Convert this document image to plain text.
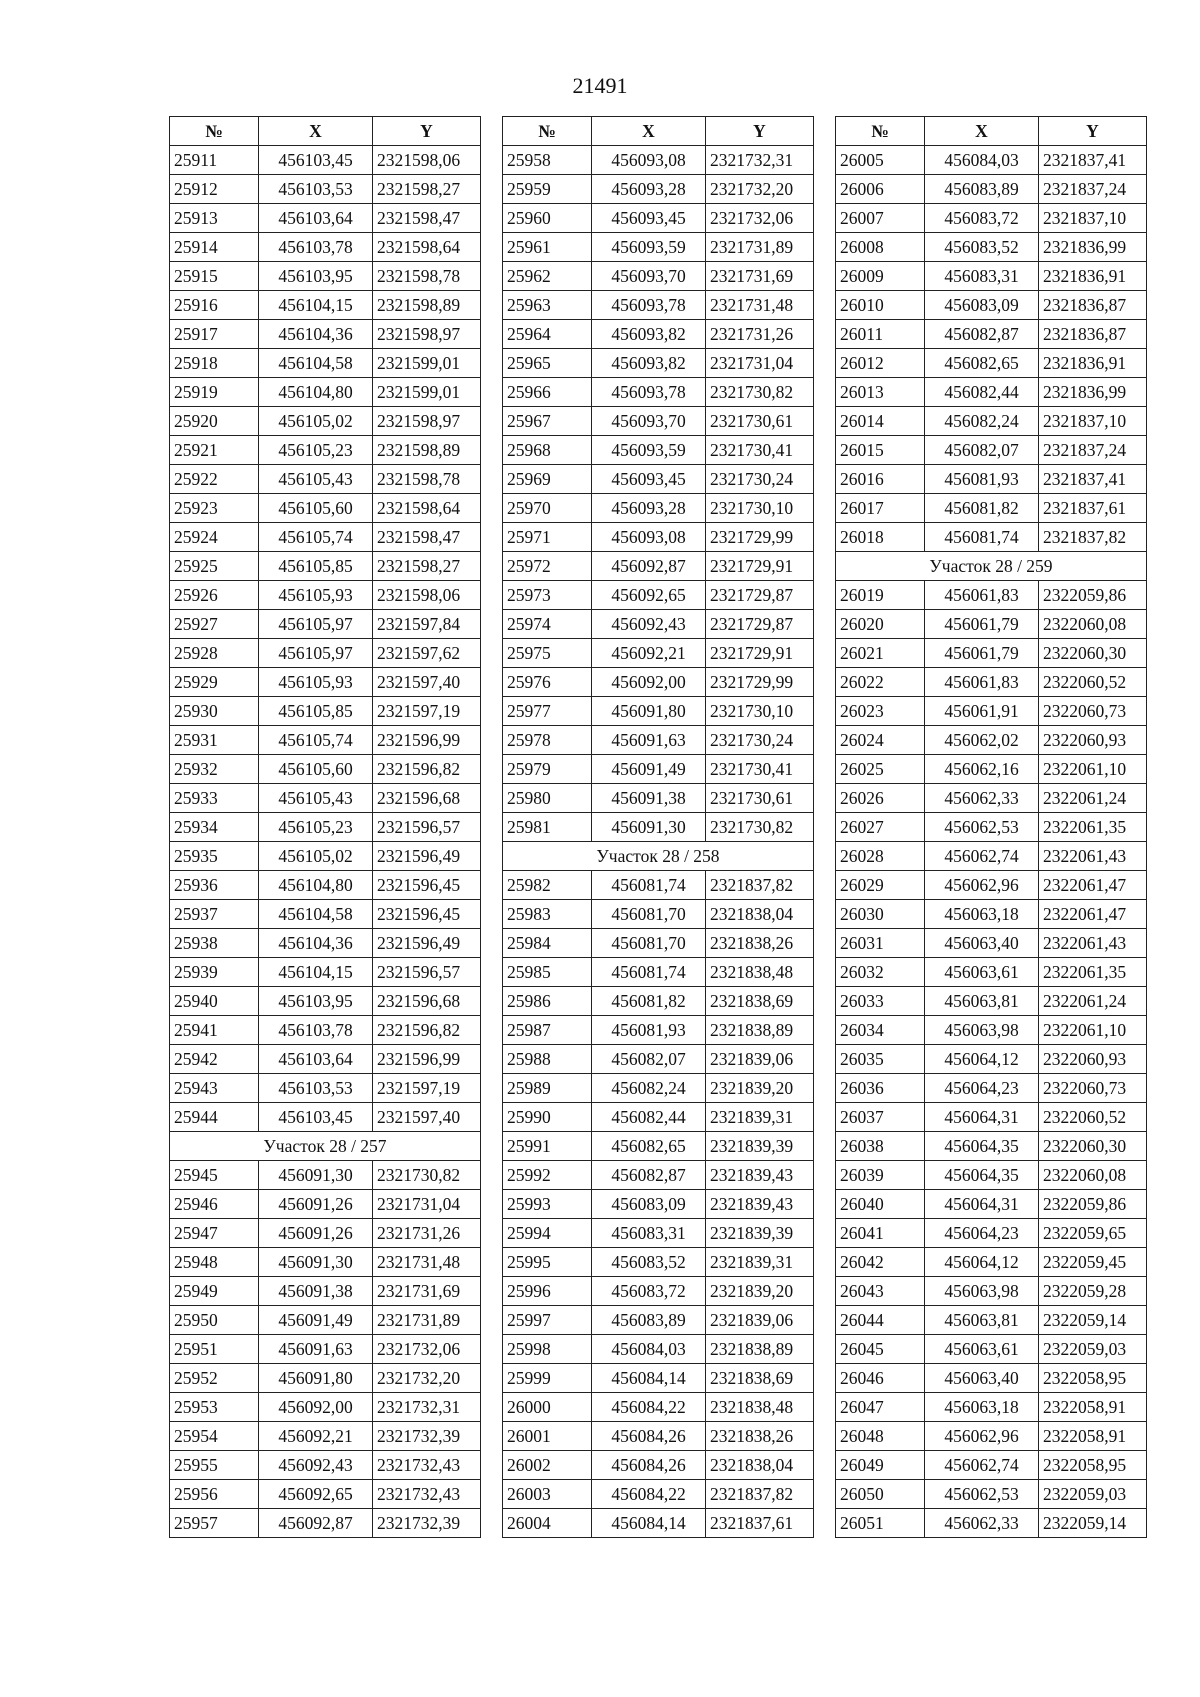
21491
№	X	Y
25911	456103,45	2321598,06
25912	456103,53	2321598,27
25913	456103,64	2321598,47
25914	456103,78	2321598,64
25915	456103,95	2321598,78
25916	456104,15	2321598,89
25917	456104,36	2321598,97
25918	456104,58	2321599,01
25919	456104,80	2321599,01
25920	456105,02	2321598,97
25921	456105,23	2321598,89
25922	456105,43	2321598,78
25923	456105,60	2321598,64
25924	456105,74	2321598,47
25925	456105,85	2321598,27
25926	456105,93	2321598,06
25927	456105,97	2321597,84
25928	456105,97	2321597,62
25929	456105,93	2321597,40
25930	456105,85	2321597,19
25931	456105,74	2321596,99
25932	456105,60	2321596,82
25933	456105,43	2321596,68
25934	456105,23	2321596,57
25935	456105,02	2321596,49
25936	456104,80	2321596,45
25937	456104,58	2321596,45
25938	456104,36	2321596,49
25939	456104,15	2321596,57
25940	456103,95	2321596,68
25941	456103,78	2321596,82
25942	456103,64	2321596,99
25943	456103,53	2321597,19
25944	456103,45	2321597,40
Участок 28 / 257		
25945	456091,30	2321730,82
25946	456091,26	2321731,04
25947	456091,26	2321731,26
25948	456091,30	2321731,48
25949	456091,38	2321731,69
25950	456091,49	2321731,89
25951	456091,63	2321732,06
25952	456091,80	2321732,20
25953	456092,00	2321732,31
25954	456092,21	2321732,39
25955	456092,43	2321732,43
25956	456092,65	2321732,43
25957	456092,87	2321732,39
№	X	Y
25958	456093,08	2321732,31
25959	456093,28	2321732,20
25960	456093,45	2321732,06
25961	456093,59	2321731,89
25962	456093,70	2321731,69
25963	456093,78	2321731,48
25964	456093,82	2321731,26
25965	456093,82	2321731,04
25966	456093,78	2321730,82
25967	456093,70	2321730,61
25968	456093,59	2321730,41
25969	456093,45	2321730,24
25970	456093,28	2321730,10
25971	456093,08	2321729,99
25972	456092,87	2321729,91
25973	456092,65	2321729,87
25974	456092,43	2321729,87
25975	456092,21	2321729,91
25976	456092,00	2321729,99
25977	456091,80	2321730,10
25978	456091,63	2321730,24
25979	456091,49	2321730,41
25980	456091,38	2321730,61
25981	456091,30	2321730,82
Участок 28 / 258		
25982	456081,74	2321837,82
25983	456081,70	2321838,04
25984	456081,70	2321838,26
25985	456081,74	2321838,48
25986	456081,82	2321838,69
25987	456081,93	2321838,89
25988	456082,07	2321839,06
25989	456082,24	2321839,20
25990	456082,44	2321839,31
25991	456082,65	2321839,39
25992	456082,87	2321839,43
25993	456083,09	2321839,43
25994	456083,31	2321839,39
25995	456083,52	2321839,31
25996	456083,72	2321839,20
25997	456083,89	2321839,06
25998	456084,03	2321838,89
25999	456084,14	2321838,69
26000	456084,22	2321838,48
26001	456084,26	2321838,26
26002	456084,26	2321838,04
26003	456084,22	2321837,82
26004	456084,14	2321837,61
№	X	Y
26005	456084,03	2321837,41
26006	456083,89	2321837,24
26007	456083,72	2321837,10
26008	456083,52	2321836,99
26009	456083,31	2321836,91
26010	456083,09	2321836,87
26011	456082,87	2321836,87
26012	456082,65	2321836,91
26013	456082,44	2321836,99
26014	456082,24	2321837,10
26015	456082,07	2321837,24
26016	456081,93	2321837,41
26017	456081,82	2321837,61
26018	456081,74	2321837,82
Участок 28 / 259		
26019	456061,83	2322059,86
26020	456061,79	2322060,08
26021	456061,79	2322060,30
26022	456061,83	2322060,52
26023	456061,91	2322060,73
26024	456062,02	2322060,93
26025	456062,16	2322061,10
26026	456062,33	2322061,24
26027	456062,53	2322061,35
26028	456062,74	2322061,43
26029	456062,96	2322061,47
26030	456063,18	2322061,47
26031	456063,40	2322061,43
26032	456063,61	2322061,35
26033	456063,81	2322061,24
26034	456063,98	2322061,10
26035	456064,12	2322060,93
26036	456064,23	2322060,73
26037	456064,31	2322060,52
26038	456064,35	2322060,30
26039	456064,35	2322060,08
26040	456064,31	2322059,86
26041	456064,23	2322059,65
26042	456064,12	2322059,45
26043	456063,98	2322059,28
26044	456063,81	2322059,14
26045	456063,61	2322059,03
26046	456063,40	2322058,95
26047	456063,18	2322058,91
26048	456062,96	2322058,91
26049	456062,74	2322058,95
26050	456062,53	2322059,03
26051	456062,33	2322059,14
